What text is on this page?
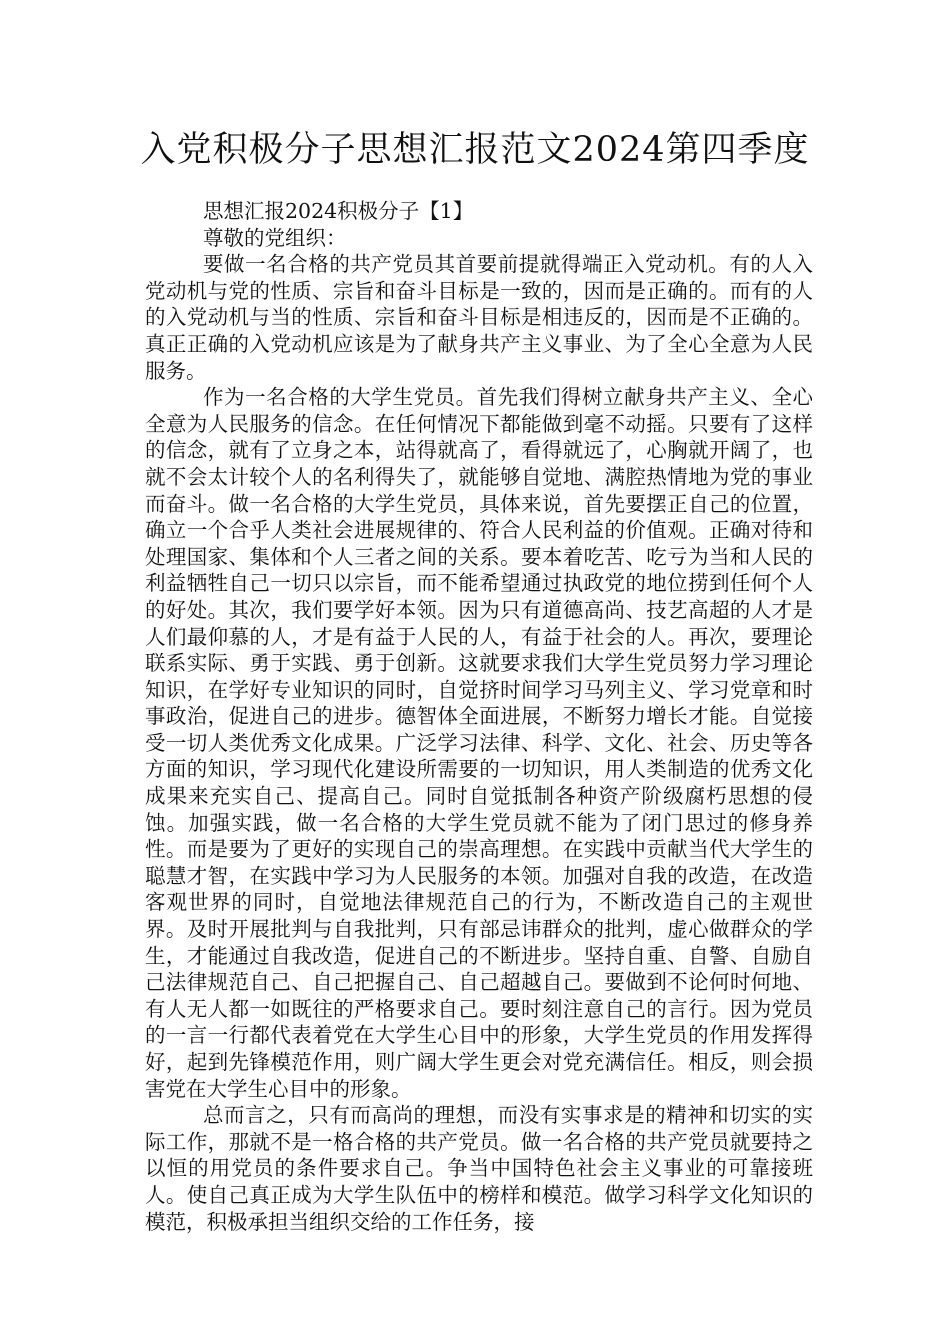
入党积极分子思想汇报范文2024第四季度

思想汇报2024积极分子【1】

尊敬的党组织：

要做一名合格的共产党员其首要前提就得端正入党动机。有的人入党动机与党的性质、宗旨和奋斗目标是一致的，因而是正确的。而有的人的入党动机与当的性质、宗旨和奋斗目标是相违反的，因而是不正确的。真正正确的入党动机应该是为了献身共产主义事业、为了全心全意为人民服务。

作为一名合格的大学生党员。首先我们得树立献身共产主义、全心全意为人民服务的信念。在任何情况下都能做到毫不动摇。只要有了这样的信念，就有了立身之本，站得就高了，看得就远了，心胸就开阔了，也就不会太计较个人的名利得失了，就能够自觉地、满腔热情地为党的事业而奋斗。做一名合格的大学生党员，具体来说，首先要摆正自己的位置，确立一个合乎人类社会进展规律的、符合人民利益的价值观。正确对待和处理国家、集体和个人三者之间的关系。要本着吃苦、吃亏为当和人民的利益牺牲自己一切只以宗旨，而不能希望通过执政党的地位捞到任何个人的好处。其次，我们要学好本领。因为只有道德高尚、技艺高超的人才是人们最仰慕的人，才是有益于人民的人，有益于社会的人。再次，要理论联系实际、勇于实践、勇于创新。这就要求我们大学生党员努力学习理论知识，在学好专业知识的同时，自觉挤时间学习马列主义、学习党章和时事政治，促进自己的进步。德智体全面进展，不断努力增长才能。自觉接受一切人类优秀文化成果。广泛学习法律、科学、文化、社会、历史等各方面的知识，学习现代化建设所需要的一切知识，用人类制造的优秀文化成果来充实自己、提高自己。同时自觉抵制各种资产阶级腐朽思想的侵蚀。加强实践，做一名合格的大学生党员就不能为了闭门思过的修身养性。而是要为了更好的实现自己的崇高理想。在实践中贡献当代大学生的聪慧才智，在实践中学习为人民服务的本领。加强对自我的改造，在改造客观世界的同时，自觉地法律规范自己的行为，不断改造自己的主观世界。及时开展批判与自我批判，只有部忌讳群众的批判，虚心做群众的学生，才能通过自我改造，促进自己的不断进步。坚持自重、自警、自励自己法律规范自己、自己把握自己、自己超越自己。要做到不论何时何地、有人无人都一如既往的严格要求自己。要时刻注意自己的言行。因为党员的一言一行都代表着党在大学生心目中的形象，大学生党员的作用发挥得好，起到先锋模范作用，则广阔大学生更会对党充满信任。相反，则会损害党在大学生心目中的形象。

总而言之，只有而高尚的理想，而没有实事求是的精神和切实的实际工作，那就不是一格合格的共产党员。做一名合格的共产党员就要持之以恒的用党员的条件要求自己。争当中国特色社会主义事业的可靠接班人。使自己真正成为大学生队伍中的榜样和模范。做学习科学文化知识的模范，积极承担当组织交给的工作任务，接
